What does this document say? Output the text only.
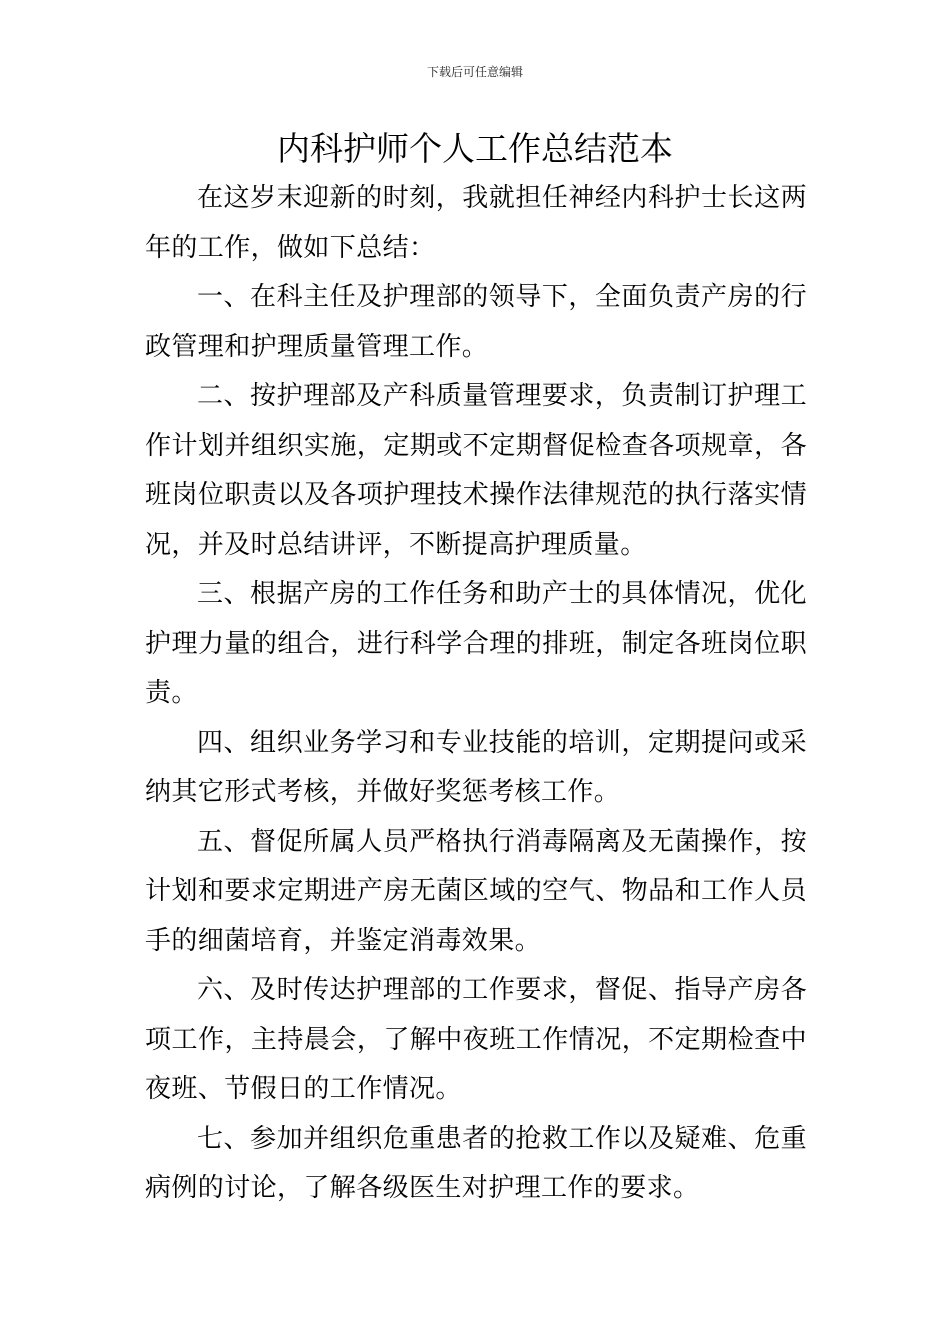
下载后可任意编辑
内科护师个人工作总结范本

在这岁末迎新的时刻，我就担任神经内科护士长这两年的工作，做如下总结：

一、在科主任及护理部的领导下，全面负责产房的行政管理和护理质量管理工作。

二、按护理部及产科质量管理要求，负责制订护理工作计划并组织实施，定期或不定期督促检查各项规章，各班岗位职责以及各项护理技术操作法律规范的执行落实情况，并及时总结讲评，不断提高护理质量。

三、根据产房的工作任务和助产士的具体情况，优化护理力量的组合，进行科学合理的排班，制定各班岗位职责。

四、组织业务学习和专业技能的培训，定期提问或采纳其它形式考核，并做好奖惩考核工作。

五、督促所属人员严格执行消毒隔离及无菌操作，按计划和要求定期进产房无菌区域的空气、物品和工作人员手的细菌培育，并鉴定消毒效果。

六、及时传达护理部的工作要求，督促、指导产房各项工作，主持晨会，了解中夜班工作情况，不定期检查中夜班、节假日的工作情况。

七、参加并组织危重患者的抢救工作以及疑难、危重病例的讨论，了解各级医生对护理工作的要求。
